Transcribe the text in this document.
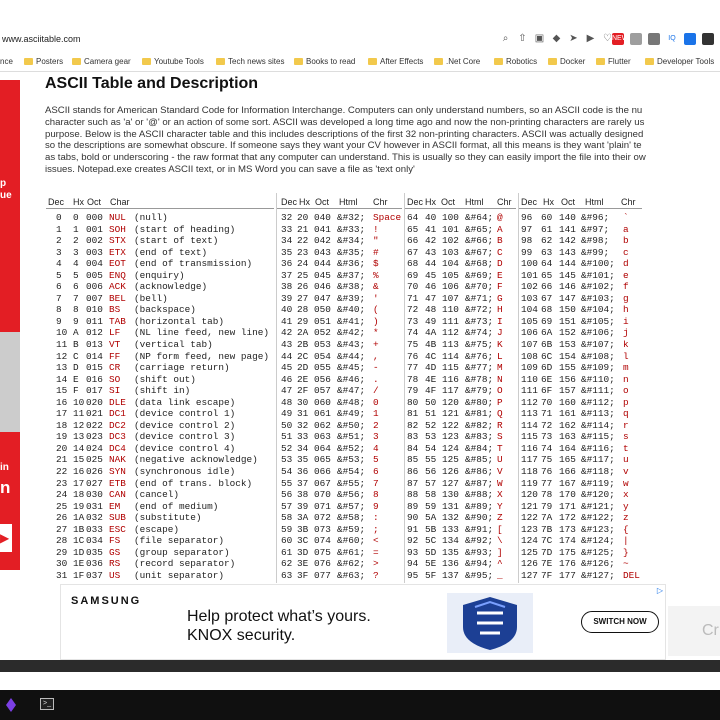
www.asciitable.com	⌕ ⇧ ▣ ◆ ➤ ▶ ♡ NEW	IQ
nce	Posters	Camera gear	Youtube Tools	Tech news sites	Books to read	After Effects	.Net Core	Robotics	Docker	Flutter	Developer Tools
p
ue
in
n
▶
ASCII Table and Description
ASCII stands for American Standard Code for Information Interchange. Computers can only understand numbers, so an ASCII code is the nu
character such as 'a' or '@' or an action of some sort. ASCII was developed a long time ago and now the non-printing characters are rarely us
purpose. Below is the ASCII character table and this includes descriptions of the first 32 non-printing characters. ASCII was actually designed
so the descriptions are somewhat obscure. If someone says they want your CV however in ASCII format, all this means is they want 'plain' te
as tabs, bold or underscoring - the raw format that any computer can understand. This is usually so they can easily import the file into their ow
issues. Notepad.exe creates ASCII text, or in MS Word you can save a file as 'text only'
Dec Hx Oct Char
0 0 000 NUL (null)
1 1 001 SOH (start of heading)
2 2 002 STX (start of text)
3 3 003 ETX (end of text)
4 4 004 EOT (end of transmission)
5 5 005 ENQ (enquiry)
6 6 006 ACK (acknowledge)
7 7 007 BEL (bell)
8 8 010 BS (backspace)
9 9 011 TAB (horizontal tab)
10 A 012 LF (NL line feed, new line)
11 B 013 VT (vertical tab)
12 C 014 FF (NP form feed, new page)
13 D 015 CR (carriage return)
14 E 016 SO (shift out)
15 F 017 SI (shift in)
16 10 020 DLE (data link escape)
17 11 021 DC1 (device control 1)
18 12 022 DC2 (device control 2)
19 13 023 DC3 (device control 3)
20 14 024 DC4 (device control 4)
21 15 025 NAK (negative acknowledge)
22 16 026 SYN (synchronous idle)
23 17 027 ETB (end of trans. block)
24 18 030 CAN (cancel)
25 19 031 EM (end of medium)
26 1A 032 SUB (substitute)
27 1B 033 ESC (escape)
28 1C 034 FS (file separator)
29 1D 035 GS (group separator)
30 1E 036 RS (record separator)
31 1F 037 US (unit separator)
Dec Hx Oct Html Chr
32 20 040 &#32; Space
33 21 041 &#33; !
34 22 042 &#34; "
35 23 043 &#35; #
36 24 044 &#36; $
37 25 045 &#37; %
38 26 046 &#38; &
39 27 047 &#39; '
40 28 050 &#40; (
41 29 051 &#41; )
42 2A 052 &#42; *
43 2B 053 &#43; +
44 2C 054 &#44; ,
45 2D 055 &#45; -
46 2E 056 &#46; .
47 2F 057 &#47; /
48 30 060 &#48; 0
49 31 061 &#49; 1
50 32 062 &#50; 2
51 33 063 &#51; 3
52 34 064 &#52; 4
53 35 065 &#53; 5
54 36 066 &#54; 6
55 37 067 &#55; 7
56 38 070 &#56; 8
57 39 071 &#57; 9
58 3A 072 &#58; :
59 3B 073 &#59; ;
60 3C 074 &#60; <
61 3D 075 &#61; =
62 3E 076 &#62; >
63 3F 077 &#63; ?
Dec Hx Oct Html Chr
64 40 100 &#64; @
65 41 101 &#65; A
66 42 102 &#66; B
67 43 103 &#67; C
68 44 104 &#68; D
69 45 105 &#69; E
70 46 106 &#70; F
71 47 107 &#71; G
72 48 110 &#72; H
73 49 111 &#73; I
74 4A 112 &#74; J
75 4B 113 &#75; K
76 4C 114 &#76; L
77 4D 115 &#77; M
78 4E 116 &#78; N
79 4F 117 &#79; O
80 50 120 &#80; P
81 51 121 &#81; Q
82 52 122 &#82; R
83 53 123 &#83; S
84 54 124 &#84; T
85 55 125 &#85; U
86 56 126 &#86; V
87 57 127 &#87; W
88 58 130 &#88; X
89 59 131 &#89; Y
90 5A 132 &#90; Z
91 5B 133 &#91; [
92 5C 134 &#92; \
93 5D 135 &#93; ]
94 5E 136 &#94; ^
95 5F 137 &#95; _
Dec Hx Oct Html Chr
96 60 140 &#96; `
97 61 141 &#97; a
98 62 142 &#98; b
99 63 143 &#99; c
100 64 144 &#100; d
101 65 145 &#101; e
102 66 146 &#102; f
103 67 147 &#103; g
104 68 150 &#104; h
105 69 151 &#105; i
106 6A 152 &#106; j
107 6B 153 &#107; k
108 6C 154 &#108; l
109 6D 155 &#109; m
110 6E 156 &#110; n
111 6F 157 &#111; o
112 70 160 &#112; p
113 71 161 &#113; q
114 72 162 &#114; r
115 73 163 &#115; s
116 74 164 &#116; t
117 75 165 &#117; u
118 76 166 &#118; v
119 77 167 &#119; w
120 78 170 &#120; x
121 79 171 &#121; y
122 7A 172 &#122; z
123 7B 173 &#123; {
124 7C 174 &#124; |
125 7D 175 &#125; }
126 7E 176 &#126; ~
127 7F 177 &#127; DEL
SAMSUNG
Help protect what’s yours.
KNOX security.
SWITCH NOW
▷
Cr
>_
